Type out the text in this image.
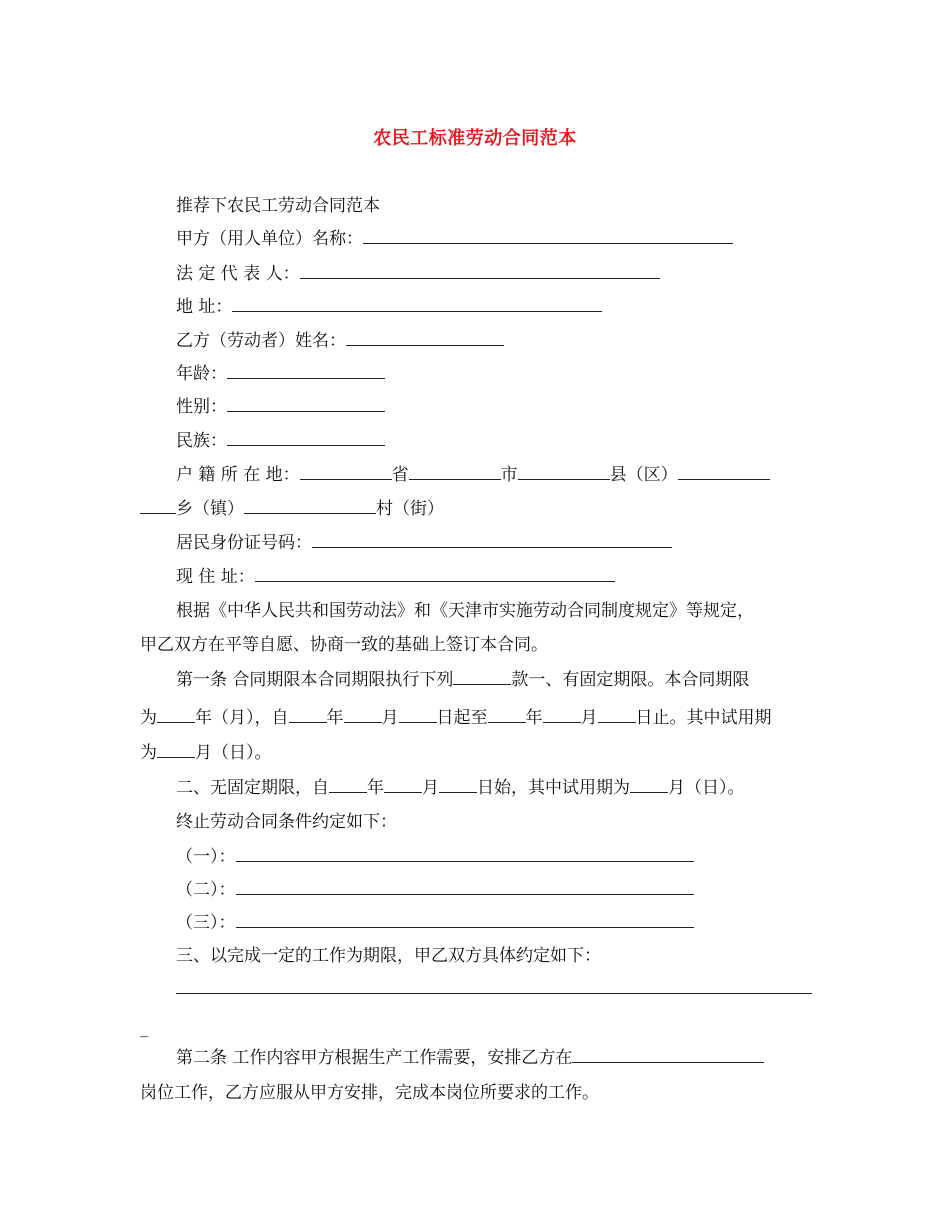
农民工标准劳动合同范本
推荐下农民工劳动合同范本
甲方（用人单位）名称：
法 定 代 表 人：
地 址：
乙方（劳动者）姓名：
年龄：
性别：
民族：
户 籍 所 在 地：	省	市	县（区）
乡（镇）	村（街）
居民身份证号码：
现 住 址：
根据《中华人民共和国劳动法》和《天津市实施劳动合同制度规定》等规定，
甲乙双方在平等自愿、协商一致的基础上签订本合同。
第一条 合同期限本合同期限执行下列	款一、有固定期限。本合同期限
为 年（月），自 年 月 日起至 年 月 日止。其中试用期
为 月（日）。
二、无固定期限，自 年 月 日始，其中试用期为 月（日）。
终止劳动合同条件约定如下：
（一）：
（二）：
（三）：
三、以完成一定的工作为期限，甲乙双方具体约定如下：
_
第二条 工作内容甲方根据生产工作需要，安排乙方在
岗位工作，乙方应服从甲方安排，完成本岗位所要求的工作。
